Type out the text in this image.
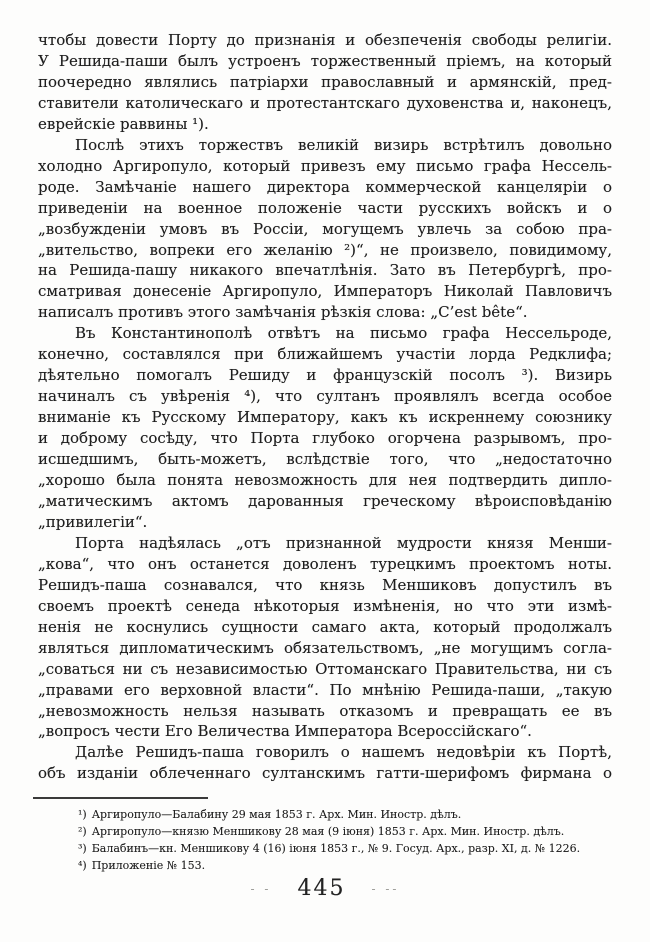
чтобы довести Порту до признанія и обезпеченія свободы религіи.
У Решида-паши былъ устроенъ торжественный пріемъ, на который
поочередно являлись патріархи православный и армянскій, пред-
ставители католическаго и протестантскаго духовенства и, наконецъ,
еврейскіе раввины ¹).
Послѣ этихъ торжествъ великій визирь встрѣтилъ довольно
холодно Аргиропуло, который привезъ ему письмо графа Нессель-
роде. Замѣчаніе нашего директора коммерческой канцеляріи о
приведеніи на военное положеніе части русскихъ войскъ и о
„возбужденіи умовъ въ Россіи, могущемъ увлечь за собою пра-
„вительство, вопреки его желанію ²)“, не произвело, повидимому,
на Решида-пашу никакого впечатлѣнія. Зато въ Петербургѣ, про-
сматривая донесеніе Аргиропуло, Императоръ Николай Павловичъ
написалъ противъ этого замѣчанія рѣзкія слова: „C’est bête“.
Въ Константинополѣ отвѣтъ на письмо графа Нессельроде,
конечно, составлялся при ближайшемъ участіи лорда Редклифа;
дѣятельно помогалъ Решиду и французскій посолъ ³). Визирь
начиналъ съ увѣренія ⁴), что султанъ проявлялъ всегда особое
вниманіе къ Русскому Императору, какъ къ искреннему союзнику
и доброму сосѣду, что Порта глубоко огорчена разрывомъ, про-
исшедшимъ, быть-можетъ, вслѣдствіе того, что „недостаточно
„хорошо была понята невозможность для нея подтвердить дипло-
„матическимъ актомъ дарованныя греческому вѣроисповѣданію
„привилегіи“.
Порта надѣялась „отъ признанной мудрости князя Менши-
„кова“, что онъ останется доволенъ турецкимъ проектомъ ноты.
Решидъ-паша сознавался, что князь Меншиковъ допустилъ въ
своемъ проектѣ сенеда нѣкоторыя измѣненія, но что эти измѣ-
ненія не коснулись сущности самаго акта, который продолжалъ
являться дипломатическимъ обязательствомъ, „не могущимъ согла-
„соваться ни съ независимостью Оттоманскаго Правительства, ни съ
„правами его верховной власти“. По мнѣнію Решида-паши, „такую
„невозможность нельзя называть отказомъ и превращать ее въ
„вопросъ чести Его Величества Императора Всероссійскаго“.
Далѣе Решидъ-паша говорилъ о нашемъ недовѣріи къ Портѣ,
объ изданіи облеченнаго султанскимъ гатти-шерифомъ фирмана о
¹) Аргиропуло—Балабину 29 мая 1853 г. Арх. Мин. Иностр. дѣлъ.
²) Аргиропуло—князю Меншикову 28 мая (9 іюня) 1853 г. Арх. Мин. Иностр. дѣлъ.
³) Балабинъ—кн. Меншикову 4 (16) іюня 1853 г., № 9. Госуд. Арх., разр. XI, д. № 1226.
⁴) Приложеніе № 153.
- - 445 - --
